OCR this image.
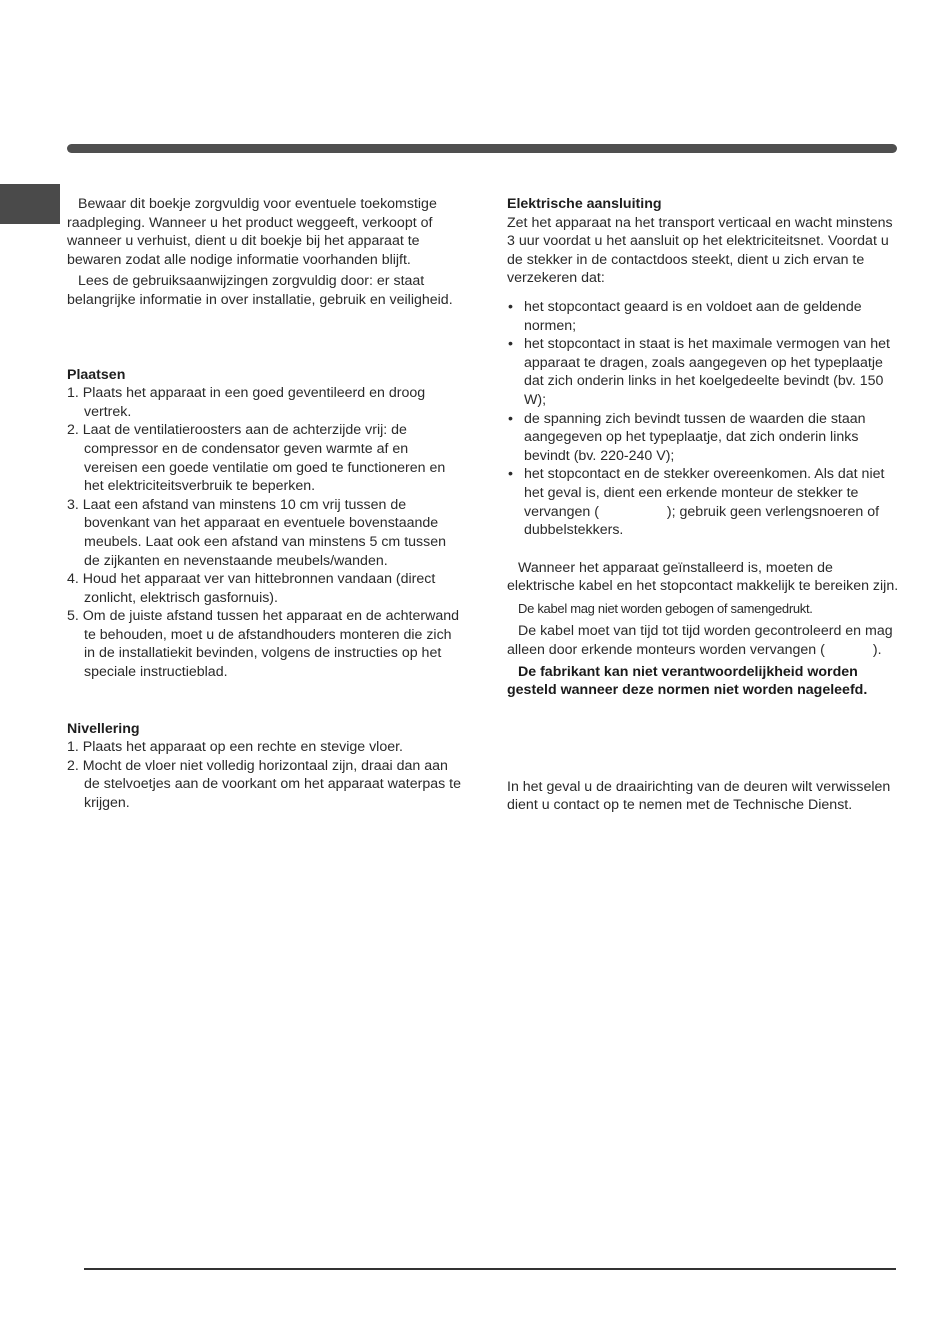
Bewaar dit boekje zorgvuldig voor eventuele toekomstige raadpleging. Wanneer u het product weggeeft, verkoopt of wanneer u verhuist, dient u dit boekje bij het apparaat te bewaren zodat alle nodige informatie voorhanden blijft.

Lees de gebruiksaanwijzingen zorgvuldig door: er staat belangrijke informatie in over installatie, gebruik en veiligheid.

Plaatsen
1. Plaats het apparaat in een goed geventileerd en droog vertrek.
2. Laat de ventilatieroosters aan de achterzijde vrij: de compressor en de condensator geven warmte af en vereisen een goede ventilatie om goed te functioneren en het elektriciteitsverbruik te beperken.
3. Laat een afstand van minstens 10 cm vrij tussen de bovenkant van het apparaat en eventuele bovenstaande meubels. Laat ook een afstand van minstens 5 cm tussen de zijkanten en nevenstaande meubels/wanden.
4. Houd het apparaat ver van hittebronnen vandaan (direct zonlicht, elektrisch gasfornuis).
5. Om de juiste afstand tussen het apparaat en de achterwand te behouden, moet u de afstandhouders monteren die zich in de installatiekit bevinden, volgens de instructies op het speciale instructieblad.
Nivellering
1. Plaats het apparaat op een rechte en stevige vloer.
2. Mocht de vloer niet volledig horizontaal zijn, draai dan aan de stelvoetjes aan de voorkant om het apparaat waterpas te krijgen.
Elektrische aansluiting

Zet het apparaat na het transport verticaal en wacht minstens 3 uur voordat u het aansluit op het elektriciteitsnet. Voordat u de stekker in de contactdoos steekt, dient u zich ervan te verzekeren dat:

• het stopcontact geaard is en voldoet aan de geldende normen;
• het stopcontact in staat is het maximale vermogen van het apparaat te dragen, zoals aangegeven op het typeplaatje dat zich onderin links in het koelgedeelte bevindt (bv. 150 W);
• de spanning zich bevindt tussen de waarden die staan aangegeven op het typeplaatje, dat zich onderin links bevindt (bv. 220-240 V);
• het stopcontact en de stekker overeenkomen. Als dat niet het geval is, dient een erkende monteur de stekker te vervangen (	); gebruik geen verlengsnoeren of dubbelstekkers.

Wanneer het apparaat geïnstalleerd is, moeten de elektrische kabel en het stopcontact makkelijk te bereiken zijn.

De kabel mag niet worden gebogen of samengedrukt.

De kabel moet van tijd tot tijd worden gecontroleerd en mag alleen door erkende monteurs worden vervangen (	).

De fabrikant kan niet verantwoordelijkheid worden gesteld wanneer deze normen niet worden nageleefd.

In het geval u de draairichting van de deuren wilt verwisselen dient u contact op te nemen met de Technische Dienst.
